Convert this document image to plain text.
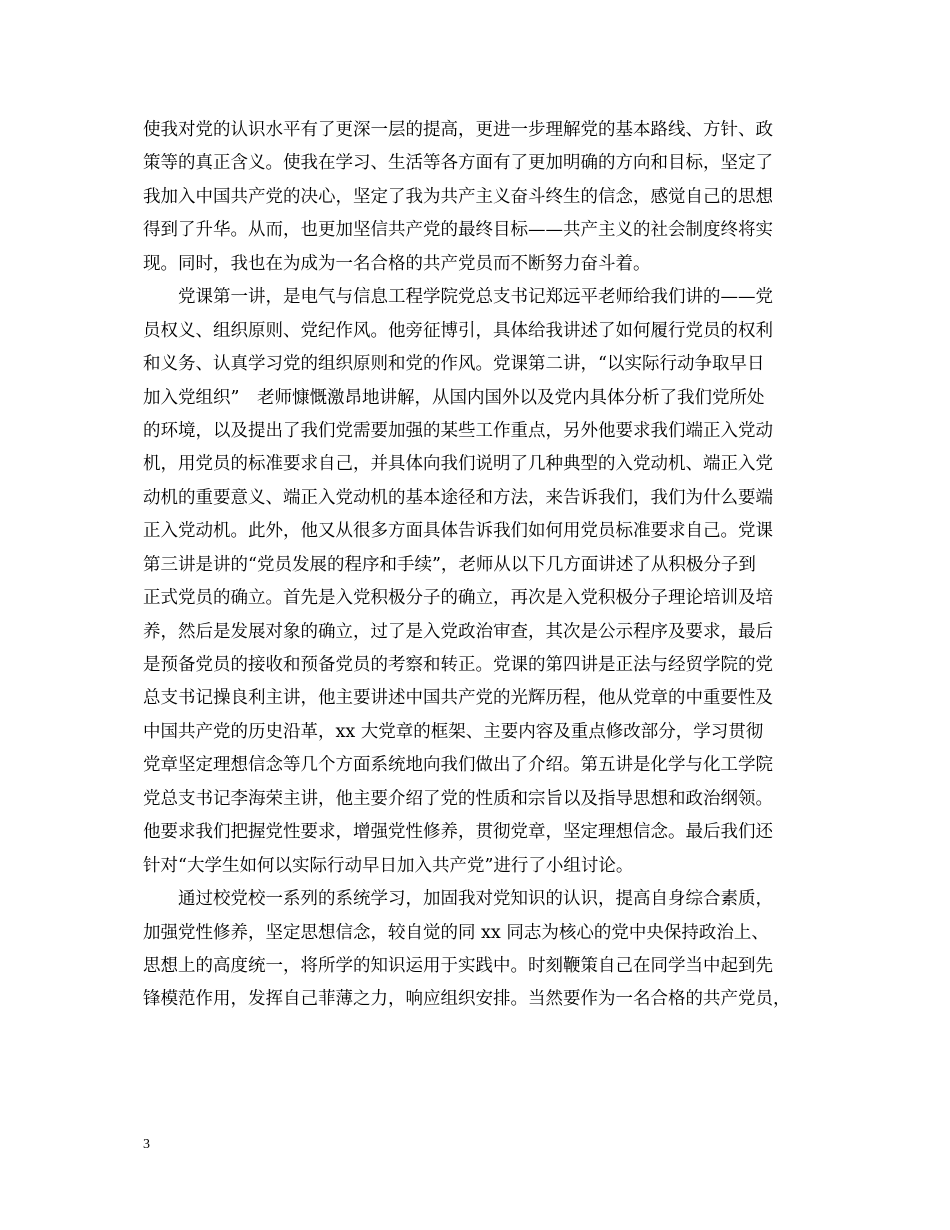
使我对党的认识水平有了更深一层的提高，更进一步理解党的基本路线、方针、政
策等的真正含义。使我在学习、生活等各方面有了更加明确的方向和目标，坚定了
我加入中国共产党的决心，坚定了我为共产主义奋斗终生的信念，感觉自己的思想
得到了升华。从而，也更加坚信共产党的最终目标——共产主义的社会制度终将实
现。同时，我也在为成为一名合格的共产党员而不断努力奋斗着。
　　党课第一讲，是电气与信息工程学院党总支书记郑远平老师给我们讲的——党
员权义、组织原则、党纪作风。他旁征博引，具体给我讲述了如何履行党员的权利
和义务、认真学习党的组织原则和党的作风。党课第二讲，“以实际行动争取早日
加入党组织”　老师慷慨激昂地讲解，从国内国外以及党内具体分析了我们党所处
的环境，以及提出了我们党需要加强的某些工作重点，另外他要求我们端正入党动
机，用党员的标准要求自己，并具体向我们说明了几种典型的入党动机、端正入党
动机的重要意义、端正入党动机的基本途径和方法，来告诉我们，我们为什么要端
正入党动机。此外，他又从很多方面具体告诉我们如何用党员标准要求自己。党课
第三讲是讲的“党员发展的程序和手续”，老师从以下几方面讲述了从积极分子到
正式党员的确立。首先是入党积极分子的确立，再次是入党积极分子理论培训及培
养，然后是发展对象的确立，过了是入党政治审查，其次是公示程序及要求，最后
是预备党员的接收和预备党员的考察和转正。党课的第四讲是正法与经贸学院的党
总支书记操良利主讲，他主要讲述中国共产党的光辉历程，他从党章的中重要性及
中国共产党的历史沿革，xx 大党章的框架、主要内容及重点修改部分，学习贯彻
党章坚定理想信念等几个方面系统地向我们做出了介绍。第五讲是化学与化工学院
党总支书记李海荣主讲，他主要介绍了党的性质和宗旨以及指导思想和政治纲领。
他要求我们把握党性要求，增强党性修养，贯彻党章，坚定理想信念。最后我们还
针对“大学生如何以实际行动早日加入共产党”进行了小组讨论。
　　通过校党校一系列的系统学习，加固我对党知识的认识，提高自身综合素质，
加强党性修养，坚定思想信念，较自觉的同 xx 同志为核心的党中央保持政治上、
思想上的高度统一，将所学的知识运用于实践中。时刻鞭策自己在同学当中起到先
锋模范作用，发挥自己菲薄之力，响应组织安排。当然要作为一名合格的共产党员，
3
